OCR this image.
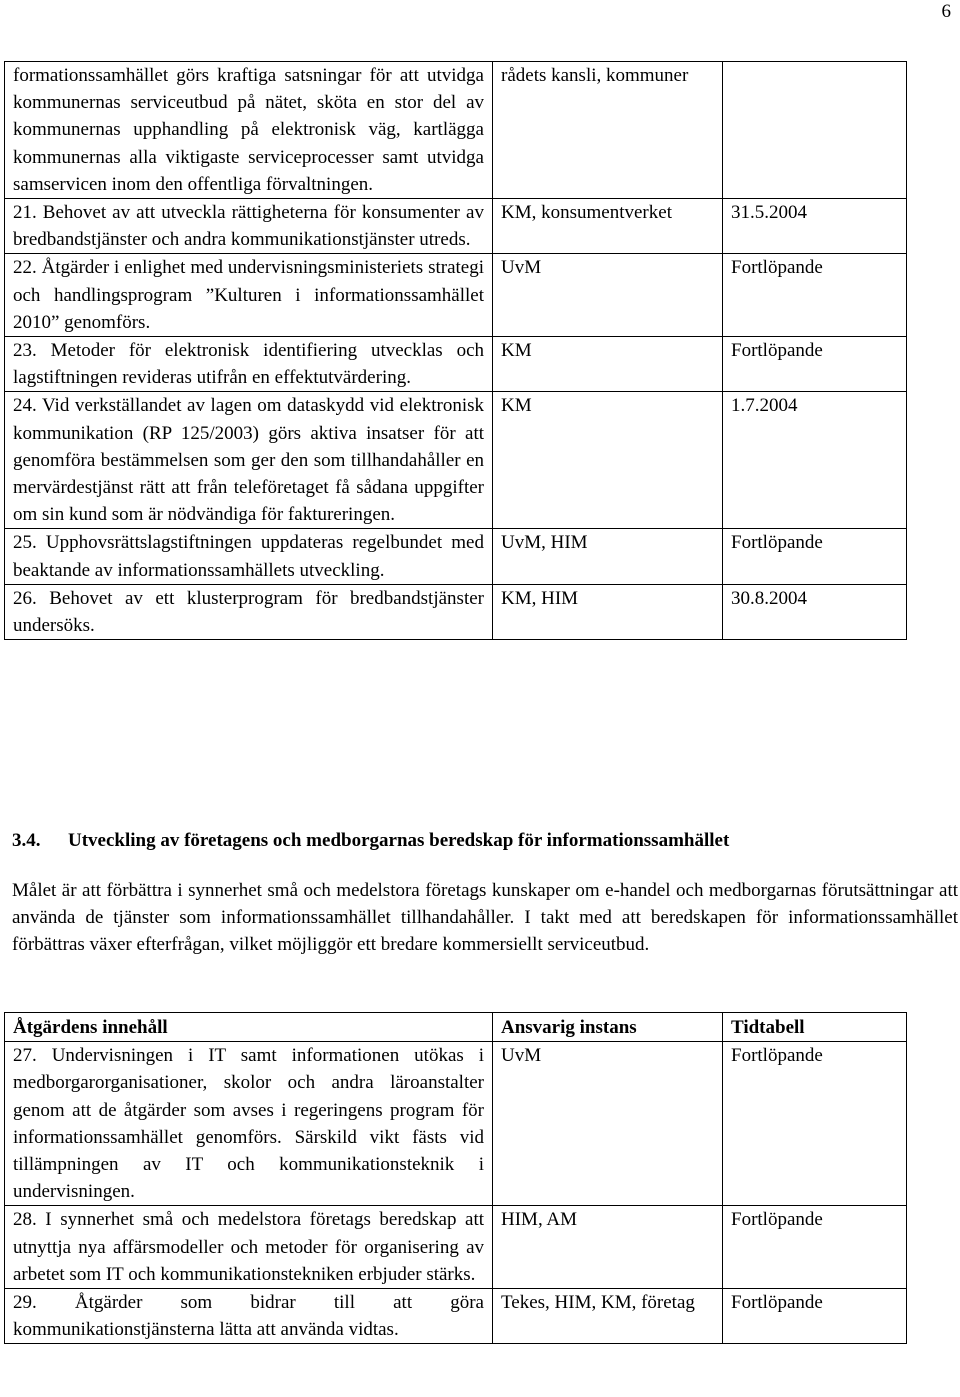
6
formationssamhället görs kraftiga satsningar för att utvidga kommunernas serviceutbud på nätet, sköta en stor del av kommunernas upphandling på elektronisk väg, kartlägga kommunernas alla viktigaste serviceprocesser samt utvidga samservicen inom den offentliga förvaltningen.	rådets kansli, kommuner	
21. Behovet av att utveckla rättigheterna för konsumenter av bredbandstjänster och andra kommunikationstjänster utreds.	KM, konsumentverket	31.5.2004
22. Åtgärder i enlighet med undervisningsministeriets strategi och handlingsprogram ”Kulturen i informationssamhället 2010” genomförs.	UvM	Fortlöpande
23. Metoder för elektronisk identifiering utvecklas och lagstiftningen revideras utifrån en effektutvärdering.	KM	Fortlöpande
24. Vid verkställandet av lagen om dataskydd vid elektronisk kommunikation (RP 125/2003) görs aktiva insatser för att genomföra bestämmelsen som ger den som tillhandahåller en mervärdestjänst rätt att från teleföretaget få sådana uppgifter om sin kund som är nödvändiga för faktureringen.	KM	1.7.2004
25. Upphovsrättslagstiftningen uppdateras regelbundet med beaktande av informationssamhällets utveckling.	UvM, HIM	Fortlöpande
26. Behovet av ett klusterprogram för bredbandstjänster undersöks.	KM, HIM	30.8.2004
3.4. Utveckling av företagens och medborgarnas beredskap för informationssamhället

Målet är att förbättra i synnerhet små och medelstora företags kunskaper om e-handel och medborgarnas förutsättningar att använda de tjänster som informationssamhället tillhandahåller. I takt med att beredskapen för informationssamhället förbättras växer efterfrågan, vilket möjliggör ett bredare kommersiellt serviceutbud.

Åtgärdens innehåll	Ansvarig instans	Tidtabell
27. Undervisningen i IT samt informationen utökas i medborgarorganisationer, skolor och andra läroanstalter genom att de åtgärder som avses i regeringens program för informationssamhället genomförs. Särskild vikt fästs vid tillämpningen av IT och kommunikationsteknik i undervisningen.	UvM	Fortlöpande
28. I synnerhet små och medelstora företags beredskap att utnyttja nya affärsmodeller och metoder för organisering av arbetet som IT och kommunikationstekniken erbjuder stärks.	HIM, AM	Fortlöpande
29. Åtgärder som bidrar till att göra kommunikationstjänsterna lätta att använda vidtas.	Tekes, HIM, KM, företag	Fortlöpande
